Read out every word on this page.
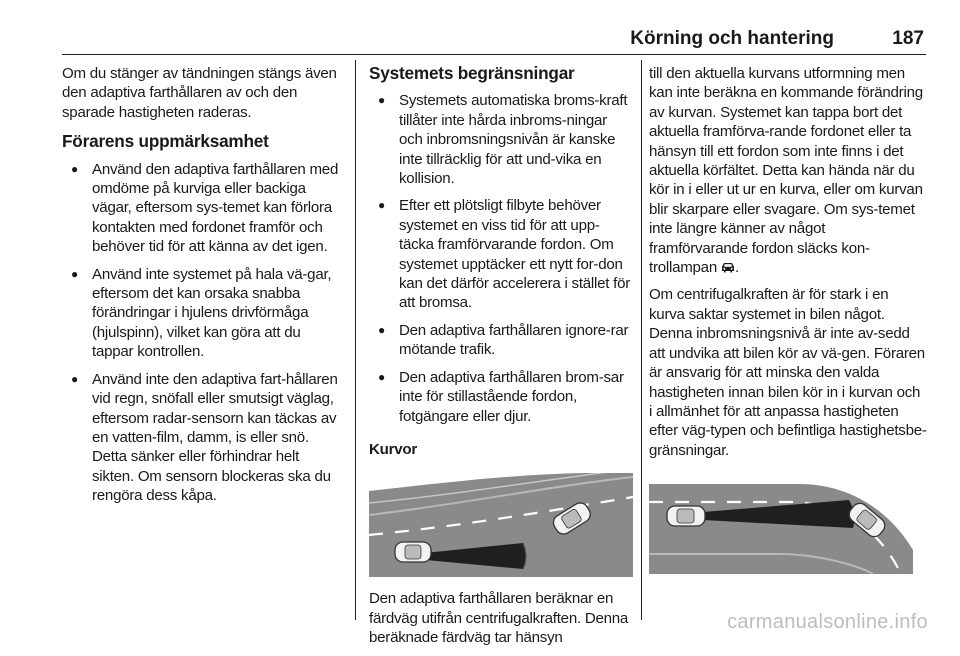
Körning och hantering	187

Om du stänger av tändningen stängs även den adaptiva farthållaren av och den sparade hastigheten raderas.

Förarens uppmärksamhet
● Använd den adaptiva farthållaren med omdöme på kurviga eller backiga vägar, eftersom sys-temet kan förlora kontakten med fordonet framför och behöver tid för att känna av det igen.
● Använd inte systemet på hala vä-gar, eftersom det kan orsaka snabba förändringar i hjulens drivförmåga (hjulspinn), vilket kan göra att du tappar kontrollen.
● Använd inte den adaptiva fart-hållaren vid regn, snöfall eller smutsigt väglag, eftersom radar-sensorn kan täckas av en vatten-film, damm, is eller snö. Detta sänker eller förhindrar helt sikten. Om sensorn blockeras ska du rengöra dess kåpa.
Systemets begränsningar
● Systemets automatiska broms-kraft tillåter inte hårda inbroms-ningar och inbromsningsnivån är kanske inte tillräcklig för att und-vika en kollision.
● Efter ett plötsligt filbyte behöver systemet en viss tid för att upp-täcka framförvarande fordon. Om systemet upptäcker ett nytt for-don kan det därför accelerera i stället för att bromsa.
● Den adaptiva farthållaren ignore-rar mötande trafik.
● Den adaptiva farthållaren brom-sar inte för stillastående fordon, fotgängare eller djur.
Kurvor

Den adaptiva farthållaren beräknar en färdväg utifrån centrifugalkraften. Denna beräknade färdväg tar hänsyn

till den aktuella kurvans utformning men kan inte beräkna en kommande förändring av kurvan. Systemet kan tappa bort det aktuella framförva-rande fordonet eller ta hänsyn till ett fordon som inte finns i det aktuella körfältet. Detta kan hända när du kör in i eller ut ur en kurva, eller om kurvan blir skarpare eller svagare. Om sys-temet inte längre känner av något framförvarande fordon släcks kon-trollampan .

Om centrifugalkraften är för stark i en kurva saktar systemet in bilen något. Denna inbromsningsnivå är inte av-sedd att undvika att bilen kör av vä-gen. Föraren är ansvarig för att minska den valda hastigheten innan bilen kör in i kurvan och i allmänhet för att anpassa hastigheten efter väg-typen och befintliga hastighetsbe-gränsningar.

carmanualsonline.info
